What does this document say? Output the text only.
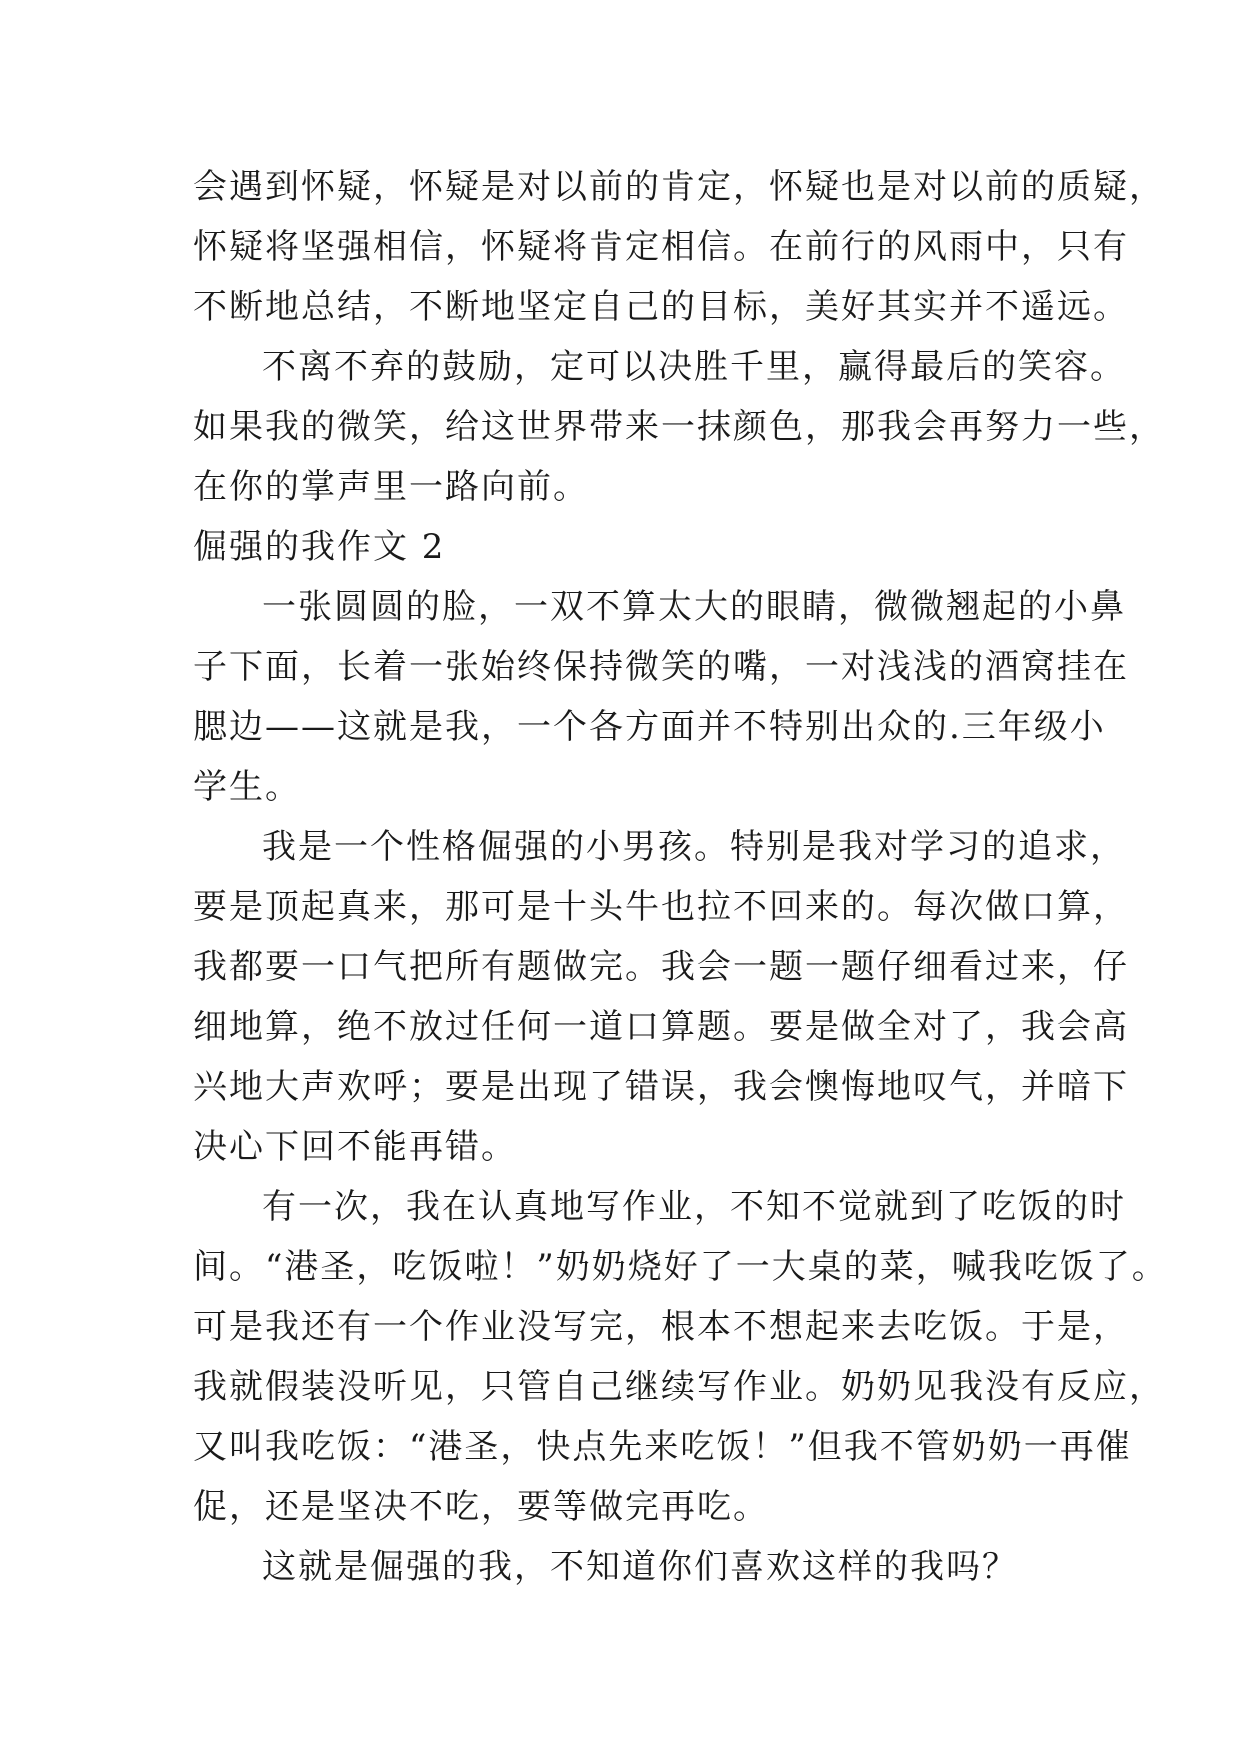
会遇到怀疑，怀疑是对以前的肯定，怀疑也是对以前的质疑，
怀疑将坚强相信，怀疑将肯定相信。在前行的风雨中，只有
不断地总结，不断地坚定自己的目标，美好其实并不遥远。
不离不弃的鼓励，定可以决胜千里，赢得最后的笑容。
如果我的微笑，给这世界带来一抹颜色，那我会再努力一些，
在你的掌声里一路向前。
倔强的我作文 2
一张圆圆的脸，一双不算太大的眼睛，微微翘起的小鼻
子下面，长着一张始终保持微笑的嘴，一对浅浅的酒窝挂在
腮边——这就是我，一个各方面并不特别出众的.三年级小
学生。
我是一个性格倔强的小男孩。特别是我对学习的追求，
要是顶起真来，那可是十头牛也拉不回来的。每次做口算，
我都要一口气把所有题做完。我会一题一题仔细看过来，仔
细地算，绝不放过任何一道口算题。要是做全对了，我会高
兴地大声欢呼；要是出现了错误，我会懊悔地叹气，并暗下
决心下回不能再错。
有一次，我在认真地写作业，不知不觉就到了吃饭的时
间。“港圣，吃饭啦！”奶奶烧好了一大桌的菜，喊我吃饭了。
可是我还有一个作业没写完，根本不想起来去吃饭。于是，
我就假装没听见，只管自己继续写作业。奶奶见我没有反应，
又叫我吃饭：“港圣，快点先来吃饭！”但我不管奶奶一再催
促，还是坚决不吃，要等做完再吃。
这就是倔强的我，不知道你们喜欢这样的我吗？
